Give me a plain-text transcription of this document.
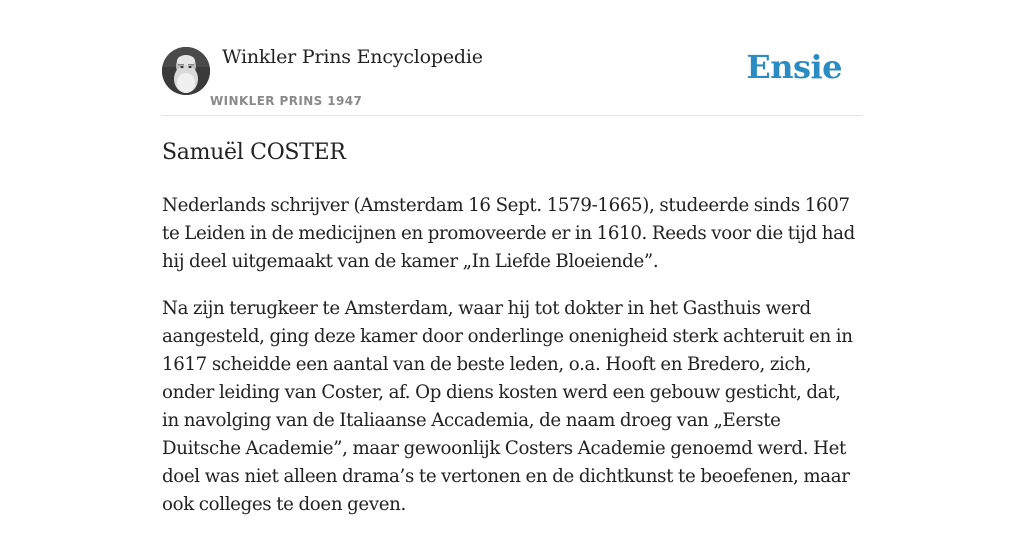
Winkler Prins Encyclopedie
WINKLER PRINS 1947
Ensie
Samuël COSTER

Nederlands schrijver (Amsterdam 16 Sept. 1579-1665), studeerde sinds 1607 te Leiden in de medicijnen en promoveerde er in 1610. Reeds voor die tijd had hij deel uitgemaakt van de kamer „In Liefde Bloeiende”.

Na zijn terugkeer te Amsterdam, waar hij tot dokter in het Gasthuis werd aangesteld, ging deze kamer door onderlinge onenigheid sterk achteruit en in 1617 scheidde een aantal van de beste leden, o.a. Hooft en Bredero, zich, onder leiding van Coster, af. Op diens kosten werd een gebouw gesticht, dat, in navolging van de Italiaanse Accademia, de naam droeg van „Eerste Duitsche Academie”, maar gewoonlijk Costers Academie genoemd werd. Het doel was niet alleen drama’s te vertonen en de dichtkunst te beoefenen, maar ook colleges te doen geven.
